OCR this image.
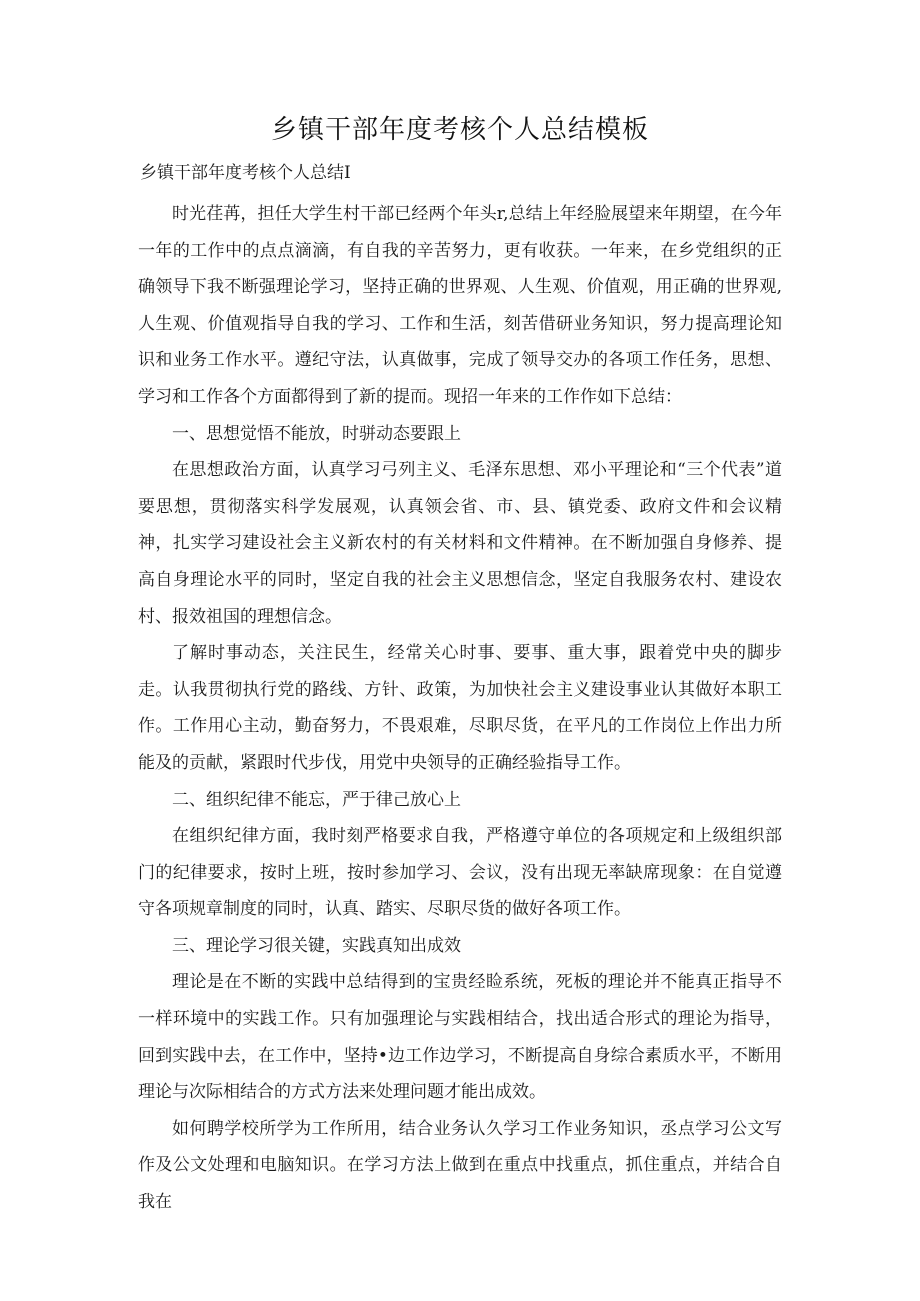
乡镇干部年度考核个人总结模板
乡镇干部年度考核个人总结I

时光荏苒，担任大学生村干部已经两个年头r,总结上年经脸展望来年期望，在今年一年的工作中的点点滴滴，有自我的辛苦努力，更有收获。一年来，在乡党组织的正确领导下我不断强理论学习，坚持正确的世界观、人生观、价值观，用正确的世界观,人生观、价值观指导自我的学习、工作和生活，刻苦借研业务知识，努力提高理论知识和业务工作水平。遵纪守法，认真做事，完成了领导交办的各项工作任务，思想、学习和工作各个方面都得到了新的提而。现招一年来的工作作如下总结：

一、思想觉悟不能放，时骈动态要跟上

在思想政治方面，认真学习弓列主义、毛泽东思想、邓小平理论和“三个代表”道要思想，贯彻落实科学发展观，认真领会省、市、县、镇党委、政府文件和会议精神，扎实学习建设社会主义新农村的有关材料和文件精神。在不断加强自身修养、提高自身理论水平的同时，坚定自我的社会主义思想信念，坚定自我服务农村、建设农村、报效祖国的理想信念。

了解时事动态，关注民生，经常关心时事、要事、重大事，跟着党中央的脚步走。认我贯彻执行党的路线、方针、政策，为加快社会主义建设事业认其做好本职工作。工作用心主动，勤奋努力，不畏艰难，尽职尽货，在平凡的工作岗位上作出力所能及的贡献，紧跟时代步伐，用党中央领导的正确经验指导工作。

二、组织纪律不能忘，严于律己放心上

在组织纪律方面，我时刻严格要求自我，严格遵守单位的各项规定和上级组织部门的纪律要求，按时上班，按时参加学习、会议，没有出现无率缺席现象：在自觉遵守各项规章制度的同时，认真、踏实、尽职尽货的做好各项工作。

三、理论学习很关键，实践真知出成效

理论是在不断的实践中总结得到的宝贵经睑系统，死板的理论并不能真正指导不一样环境中的实践工作。只有加强理论与实践相结合，找出适合形式的理论为指导，回到实践中去，在工作中，坚持•边工作边学习，不断提高自身综合素质水平，不断用理论与次际相结合的方式方法来处理问题才能出成效。

如何聘学校所学为工作所用，结合业务认久学习工作业务知识，丞点学习公文写作及公文处理和电脑知识。在学习方法上做到在重点中找重点，抓住重点，并结合自我在
